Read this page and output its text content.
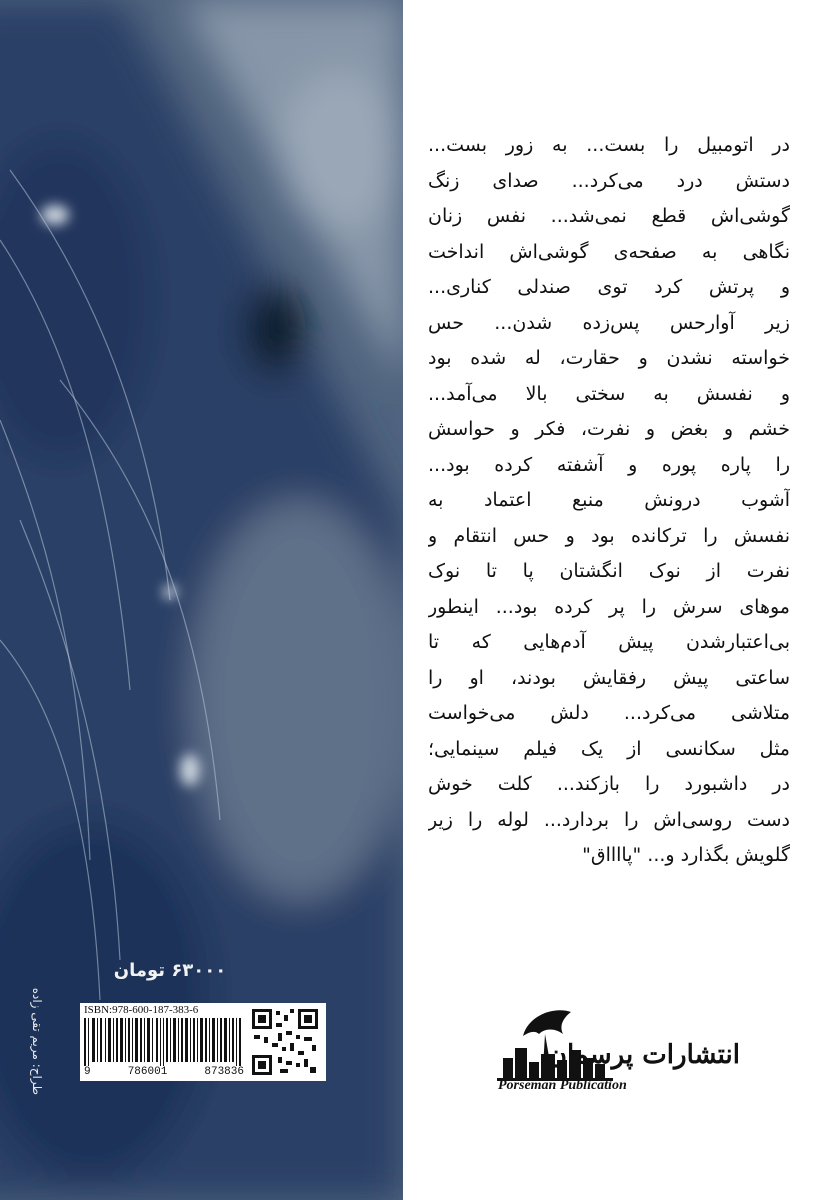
۶۳۰۰۰ تومان
طراح: مریم تقی زاده	ISBN:978-600-187-383-6
9	786001	873836
در اتومبیل را بست... به زور بست...
دستش درد می‌کرد... صدای زنگ
گوشی‌اش قطع نمی‌شد... نفس زنان
نگاهی به صفحه‌ی گوشی‌اش انداخت
و پرتش کرد توی صندلی کناری...
زیر آوارحس پس‌زده شدن... حس
خواسته نشدن و حقارت، له شده بود
و نفسش به سختی بالا می‌آمد...
خشم و بغض و نفرت، فکر و حواسش
را پاره پوره و آشفته کرده بود...
آشوب درونش منبع اعتماد به
نفسش را ترکانده بود و حس انتقام و
نفرت از نوک انگشتان پا تا نوک
موهای سرش را پر کرده بود... اینطور
بی‌اعتبارشدن پیش آدم‌هایی که تا
ساعتی پیش رفقایش بودند، او را
متلاشی می‌کرد... دلش می‌خواست
مثل سکانسی از یک فیلم سینمایی؛
در داشبورد را بازکند... کلت خوش
دست روسی‌اش را بردارد... لوله را زیر
گلویش بگذارد و... "پااااق"
انتشارات پرسمان
Porseman Publication
